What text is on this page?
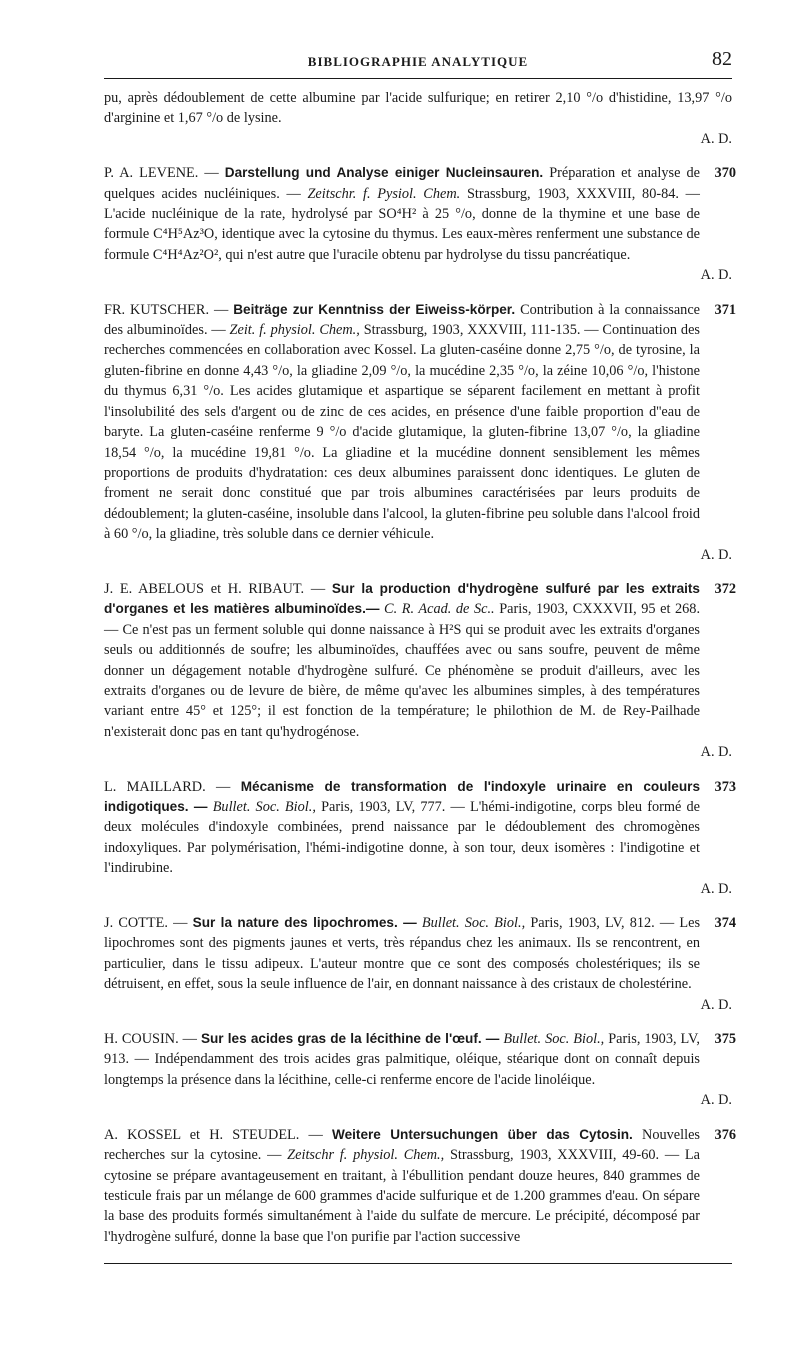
BIBLIOGRAPHIE ANALYTIQUE	82

pu, après dédoublement de cette albumine par l'acide sulfurique; en retirer 2,10 °/o d'histidine, 13,97 °/o d'arginine et 1,67 °/o de lysine.

A. D.

370

P. A. LEVENE. — Darstellung und Analyse einiger Nucleinsauren. Préparation et analyse de quelques acides nucléiniques. — Zeitschr. f. Pysiol. Chem. Strassburg, 1903, XXXVIII, 80-84. — L'acide nucléinique de la rate, hydrolysé par SO⁴H² à 25 °/o, donne de la thymine et une base de formule C⁴H⁵Az³O, identique avec la cytosine du thymus. Les eaux-mères renferment une substance de formule C⁴H⁴Az²O², qui n'est autre que l'uracile obtenu par hydrolyse du tissu pancréatique.

A. D.

371

FR. KUTSCHER. — Beiträge zur Kenntniss der Eiweiss-körper. Contribution à la connaissance des albuminoïdes. — Zeit. f. physiol. Chem., Strassburg, 1903, XXXVIII, 111-135. — Continuation des recherches commencées en collaboration avec Kossel. La gluten-caséine donne 2,75 °/o, de tyrosine, la gluten-fibrine en donne 4,43 °/o, la gliadine 2,09 °/o, la mucédine 2,35 °/o, la zéine 10,06 °/o, l'histone du thymus 6,31 °/o. Les acides glutamique et aspartique se séparent facilement en mettant à profit l'insolubilité des sels d'argent ou de zinc de ces acides, en présence d'une faible proportion d''eau de baryte. La gluten-caséine renferme 9 °/o d'acide glutamique, la gluten-fibrine 13,07 °/o, la gliadine 18,54 °/o, la mucédine 19,81 °/o. La gliadine et la mucédine donnent sensiblement les mêmes proportions de produits d'hydratation: ces deux albumines paraissent donc identiques. Le gluten de froment ne serait donc constitué que par trois albumines caractérisées par leurs produits de dédoublement; la gluten-caséine, insoluble dans l'alcool, la gluten-fibrine peu soluble dans l'alcool froid à 60 °/o, la gliadine, très soluble dans ce dernier véhicule.

A. D.

372

J. E. ABELOUS et H. RIBAUT. — Sur la production d'hydrogène sulfuré par les extraits d'organes et les matières albuminoïdes.— C. R. Acad. de Sc.. Paris, 1903, CXXXVII, 95 et 268. — Ce n'est pas un ferment soluble qui donne naissance à H²S qui se produit avec les extraits d'organes seuls ou additionnés de soufre; les albuminoïdes, chauffées avec ou sans soufre, peuvent de même donner un dégagement notable d'hydrogène sulfuré. Ce phénomène se produit d'ailleurs, avec les extraits d'organes ou de levure de bière, de même qu'avec les albumines simples, à des températures variant entre 45° et 125°; il est fonction de la température; le philothion de M. de Rey-Pailhade n'existerait donc pas en tant qu'hydrogénose.

A. D.

373

L. MAILLARD. — Mécanisme de transformation de l'indoxyle urinaire en couleurs indigotiques. — Bullet. Soc. Biol., Paris, 1903, LV, 777. — L'hémi-indigotine, corps bleu formé de deux molécules d'indoxyle combinées, prend naissance par le dédoublement des chromogènes indoxyliques. Par polymérisation, l'hémi-indigotine donne, à son tour, deux isomères : l'indigotine et l'indirubine.

A. D.

374

J. COTTE. — Sur la nature des lipochromes. — Bullet. Soc. Biol., Paris, 1903, LV, 812. — Les lipochromes sont des pigments jaunes et verts, très répandus chez les animaux. Ils se rencontrent, en particulier, dans le tissu adipeux. L'auteur montre que ce sont des composés cholestériques; ils se détruisent, en effet, sous la seule influence de l'air, en donnant naissance à des cristaux de cholestérine.

A. D.

375

H. COUSIN. — Sur les acides gras de la lécithine de l'œuf. — Bullet. Soc. Biol., Paris, 1903, LV, 913. — Indépendamment des trois acides gras palmitique, oléique, stéarique dont on connaît depuis longtemps la présence dans la lécithine, celle-ci renferme encore de l'acide linoléique.

A. D.

376

A. KOSSEL et H. STEUDEL. — Weitere Untersuchungen über das Cytosin. Nouvelles recherches sur la cytosine. — Zeitschr f. physiol. Chem., Strassburg, 1903, XXXVIII, 49-60. — La cytosine se prépare avantageusement en traitant, à l'ébullition pendant douze heures, 840 grammes de testicule frais par un mélange de 600 grammes d'acide sulfurique et de 1.200 grammes d'eau. On sépare la base des produits formés simultanément à l'aide du sulfate de mercure. Le précipité, décomposé par l'hydrogène sulfuré, donne la base que l'on purifie par l'action successive
